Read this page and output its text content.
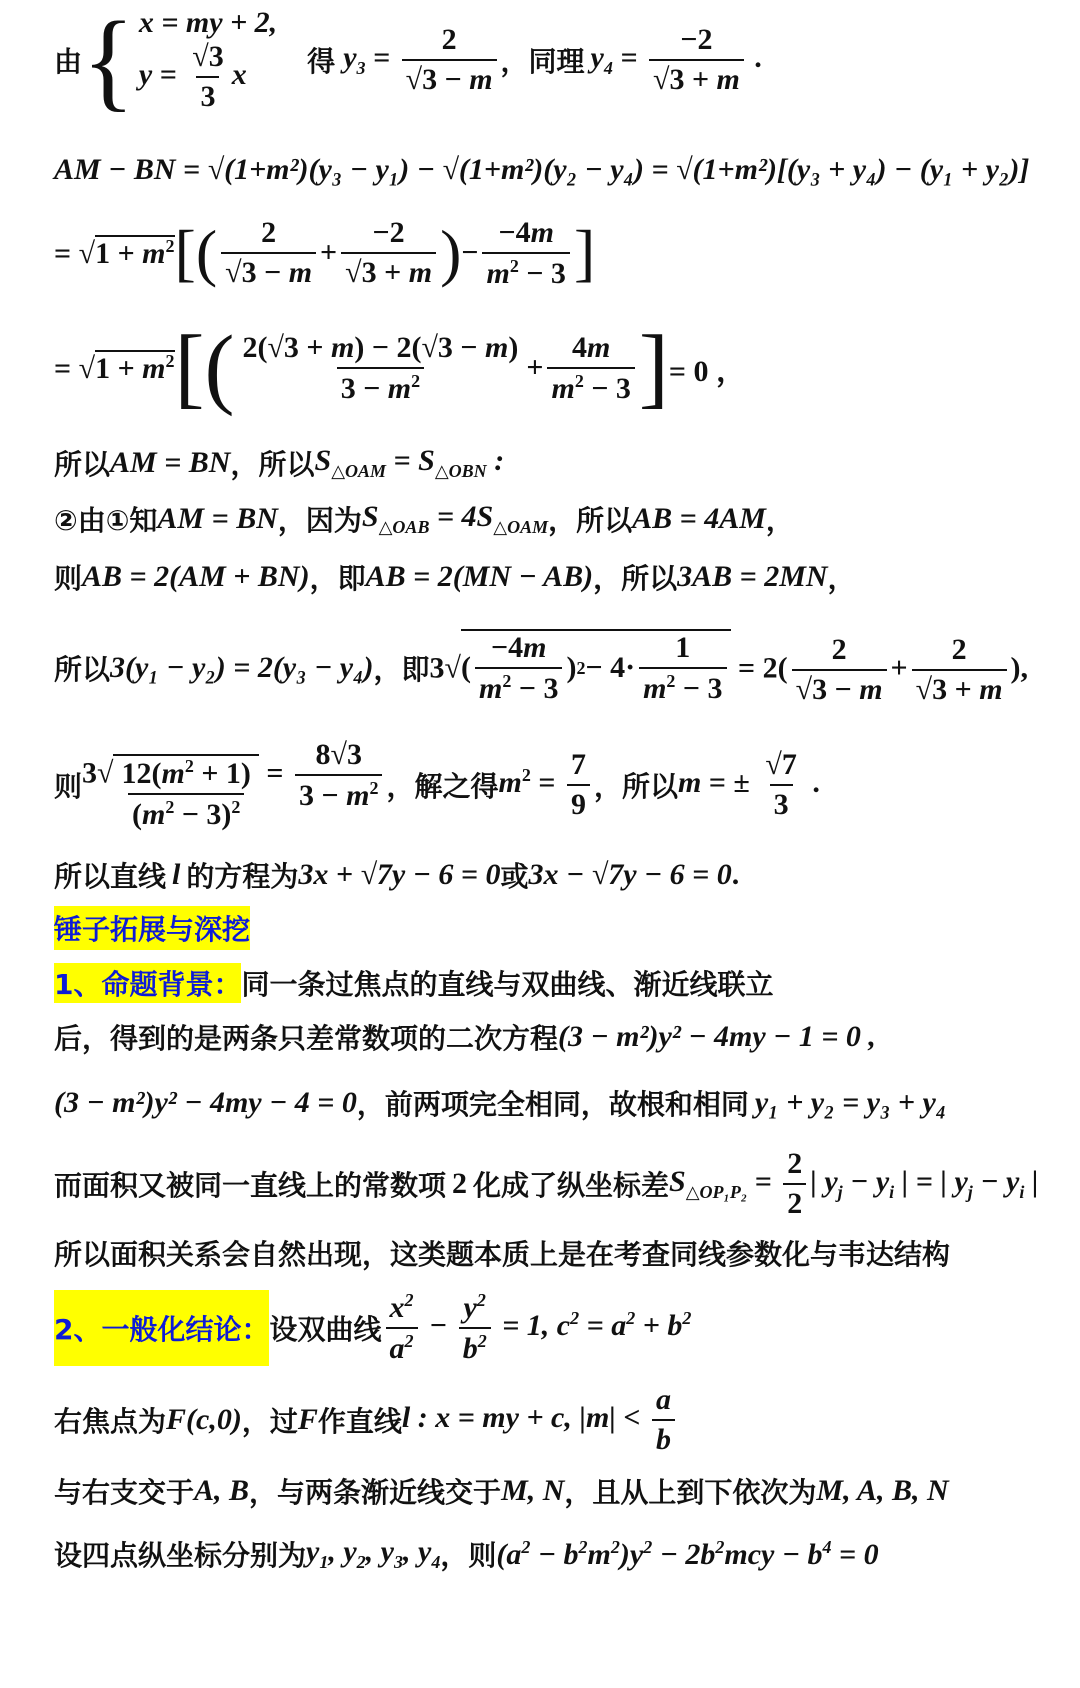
由 { x = my + 2,
$y = \frac{√3}{3}$ x	得 $y_3 = \frac{2}{√3 - m}$ ，同理 $y_4 = \frac{-2}{√3 + m}$ .
AM − BN = √(1+m²)(y₃ − y₁) − √(1+m²)(y₂ − y₄) = √(1+m²)[(y₃ + y₄) − (y₁ + y₂)]
= $√1 + m^2$ [( $\frac{2}{√3 - m} + \frac{-2}{√3 + m}$ ) − $\frac{-4m}{m^2 - 3}$ ]
= $√1 + m^2$ [( $\frac{2(√3 + m) - 2(√3 - m)}{3 - m^2} + \frac{4m}{m^2 - 3}$ ] = 0 ，
所以 AM = BN ，所以 $S_{\triangle OAM} = S_{\triangle OBN}$ :
②由①知 AM = BN ，因为 $S_{\triangle OAB} = 4S_{\triangle OAM}$ ，所以 AB = 4AM ，
则 AB = 2(AM + BN) ，即 AB = 2(MN − AB) ，所以 3AB = 2MN ，
所以 3(y₁ − y₂) = 2(y₃ − y₄) ，即 $3√( \frac{-4m}{m^2 - 3}$ ) $2 - 4\cdot \frac{1}{m^2 - 3} = 2( \frac{2}{√3 - m} + \frac{2}{√3 + m}$ ),
则 $3√ \frac{12(m^2 + 1)}{(m^2 - 3)^2} = \frac{8√3}{3 - m^2}$ ，解之得 $m^2 = \frac{7}{9}$ ，所以 m = ± $\frac{√7}{3}$ .
所以直线 l 的方程为 3x + √7y − 6 = 0 或 3x − √7y − 6 = 0 .
锤子拓展与深挖
1、命题背景： 同一条过焦点的直线与双曲线、渐近线联立
后，得到的是两条只差常数项的二次方程 (3 − m²)y² − 4my − 1 = 0 ,
(3 − m²)y² − 4my − 4 = 0 ，前两项完全相同，故根和相同 y₁ + y₂ = y₃ + y₄
而面积又被同一直线上的常数项 2 化成了纵坐标差 $S_{\triangle OP_1P_2} = \frac{2}{2}$ | $y_j - y_i$ | = | $y_j - y_i$ |
所以面积关系会自然出现，这类题本质上是在考查同线参数化与韦达结构
2、一般化结论： 设双曲线 $\frac{x^2}{a^2} - \frac{y^2}{b^2} = 1$, $c^2 = a^2 + b^2$
右焦点为 F(c,0) ，过 F 作直线 l : x = my + c, $|m| < \frac{a}{b}$
与右支交于 A, B ，与两条渐近线交于 M, N ，且从上到下依次为 M, A, B, N
设四点纵坐标分别为 $y_1$, $y_2$, $y_3$, $y_4$ ，则 $(a^2 - b^2m^2)y^2 - 2b^2mcy - b^4 = 0$
